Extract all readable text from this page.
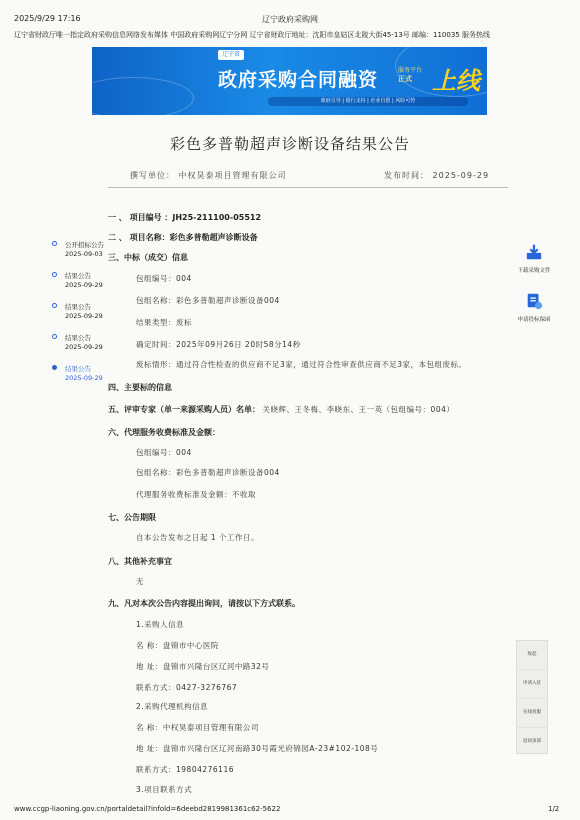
2025/9/29 17:16	辽宁政府采购网
辽宁省财政厅唯一指定政府采购信息网络发布媒体 中国政府采购网辽宁分网 辽宁省财政厅地址：沈阳市皇姑区北陵大街45-13号 邮编：110035 服务热线
辽宁省
政府采购合同融资	服务平台
正式 上线
政府引导 | 银行支持 | 企业自愿 | 风险可控
彩色多普勒超声诊断设备结果公告
撰写单位： 中权昊泰项目管理有限公司	发布时间： 2025-09-29
公开招标公告
2025-09-03
结果公告
2025-09-29
结果公告
2025-09-29
结果公告
2025-09-29
结果公告
2025-09-29
下载采购文件
申请投标保函
一 、 项目编号 ：JH25-211100-05512
二 、 项目名称：彩色多普勒超声诊断设备
三、中标（成交）信息
包组编号：004
包组名称：彩色多普勒超声诊断设备004
结果类型：废标
确定时间：2025年09月26日 20时58分14秒
废标情形：通过符合性检查的供应商不足3家，通过符合性审查供应商不足3家，本包组废标。
四、主要标的信息
五、评审专家（单一来源采购人员）名单： 关晓辉、王冬梅、李晓东、王一英（包组编号：004）
六、代理服务收费标准及金额：
包组编号：004
包组名称：彩色多普勒超声诊断设备004
代理服务收费标准及金额：不收取
七、公告期限
自本公告发布之日起 1 个工作日。
八、其他补充事宜
无
九、凡对本次公告内容提出询问，请按以下方式联系。
1.采购人信息
名 称：盘锦市中心医院
地 址：盘锦市兴隆台区辽河中路32号
联系方式：0427-3276767
2.采购代理机构信息
名 称：中权昊泰项目管理有限公司
地 址：盘锦市兴隆台区辽河南路30号霞光府锦园A-23#102-108号
联系方式：19804276116
3.项目联系方式
收起
申请入驻
在线客服
返回顶部
www.ccgp-liaoning.gov.cn/portaldetail?infold=6deebd2819981361c62-5622	1/2
